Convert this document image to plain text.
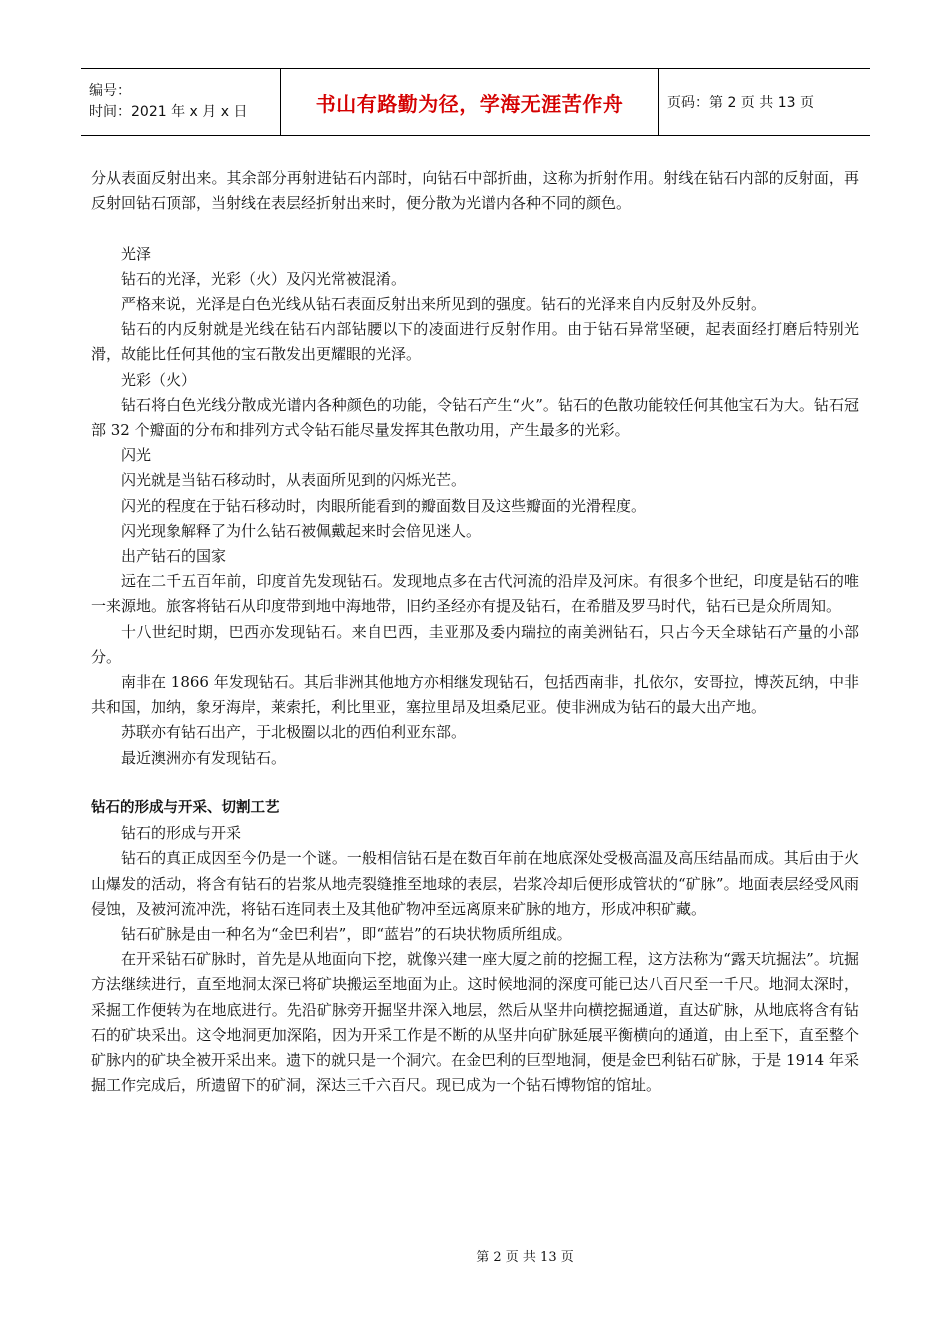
编号：
时间：2021 年 x 月 x 日	书山有路勤为径，学海无涯苦作舟	页码：第 2 页 共 13 页

分从表面反射出来。其余部分再射进钻石内部时，向钻石中部折曲，这称为折射作用。射线在钻石内部的反射面，再反射回钻石顶部，当射线在表层经折射出来时，便分散为光谱内各种不同的颜色。

光泽

钻石的光泽，光彩（火）及闪光常被混淆。

严格来说，光泽是白色光线从钻石表面反射出来所见到的强度。钻石的光泽来自内反射及外反射。

钻石的内反射就是光线在钻石内部钻腰以下的凌面进行反射作用。由于钻石异常坚硬，起表面经打磨后特别光滑，故能比任何其他的宝石散发出更耀眼的光泽。

光彩（火）

钻石将白色光线分散成光谱内各种颜色的功能，令钻石产生“火”。钻石的色散功能较任何其他宝石为大。钻石冠部 32 个瓣面的分布和排列方式令钻石能尽量发挥其色散功用，产生最多的光彩。

闪光

闪光就是当钻石移动时，从表面所见到的闪烁光芒。

闪光的程度在于钻石移动时，肉眼所能看到的瓣面数目及这些瓣面的光滑程度。

闪光现象解释了为什么钻石被佩戴起来时会倍见迷人。

出产钻石的国家

远在二千五百年前，印度首先发现钻石。发现地点多在古代河流的沿岸及河床。有很多个世纪，印度是钻石的唯一来源地。旅客将钻石从印度带到地中海地带，旧约圣经亦有提及钻石，在希腊及罗马时代，钻石已是众所周知。

十八世纪时期，巴西亦发现钻石。来自巴西，圭亚那及委内瑞拉的南美洲钻石，只占今天全球钻石产量的小部分。

南非在 1866 年发现钻石。其后非洲其他地方亦相继发现钻石，包括西南非，扎依尔，安哥拉，博茨瓦纳，中非共和国，加纳，象牙海岸，莱索托，利比里亚，塞拉里昂及坦桑尼亚。使非洲成为钻石的最大出产地。

苏联亦有钻石出产，于北极圈以北的西伯利亚东部。

最近澳洲亦有发现钻石。

钻石的形成与开采、切割工艺

钻石的形成与开采

钻石的真正成因至今仍是一个谜。一般相信钻石是在数百年前在地底深处受极高温及高压结晶而成。其后由于火山爆发的活动，将含有钻石的岩浆从地壳裂缝推至地球的表层，岩浆冷却后便形成管状的“矿脉”。地面表层经受风雨侵蚀，及被河流冲洗，将钻石连同表土及其他矿物冲至远离原来矿脉的地方，形成冲积矿藏。

钻石矿脉是由一种名为“金巴利岩”，即“蓝岩”的石块状物质所组成。

在开采钻石矿脉时，首先是从地面向下挖，就像兴建一座大厦之前的挖掘工程，这方法称为“露天坑掘法”。坑掘方法继续进行，直至地洞太深已将矿块搬运至地面为止。这时候地洞的深度可能已达八百尺至一千尺。地洞太深时，采掘工作便转为在地底进行。先沿矿脉旁开掘坚井深入地层，然后从坚井向横挖掘通道，直达矿脉，从地底将含有钻石的矿块采出。这令地洞更加深陷，因为开采工作是不断的从坚井向矿脉延展平衡横向的通道，由上至下，直至整个矿脉内的矿块全被开采出来。遗下的就只是一个洞穴。在金巴利的巨型地洞，便是金巴利钻石矿脉，于是 1914 年采掘工作完成后，所遗留下的矿洞，深达三千六百尺。现已成为一个钻石博物馆的馆址。

第 2 页 共 13 页
